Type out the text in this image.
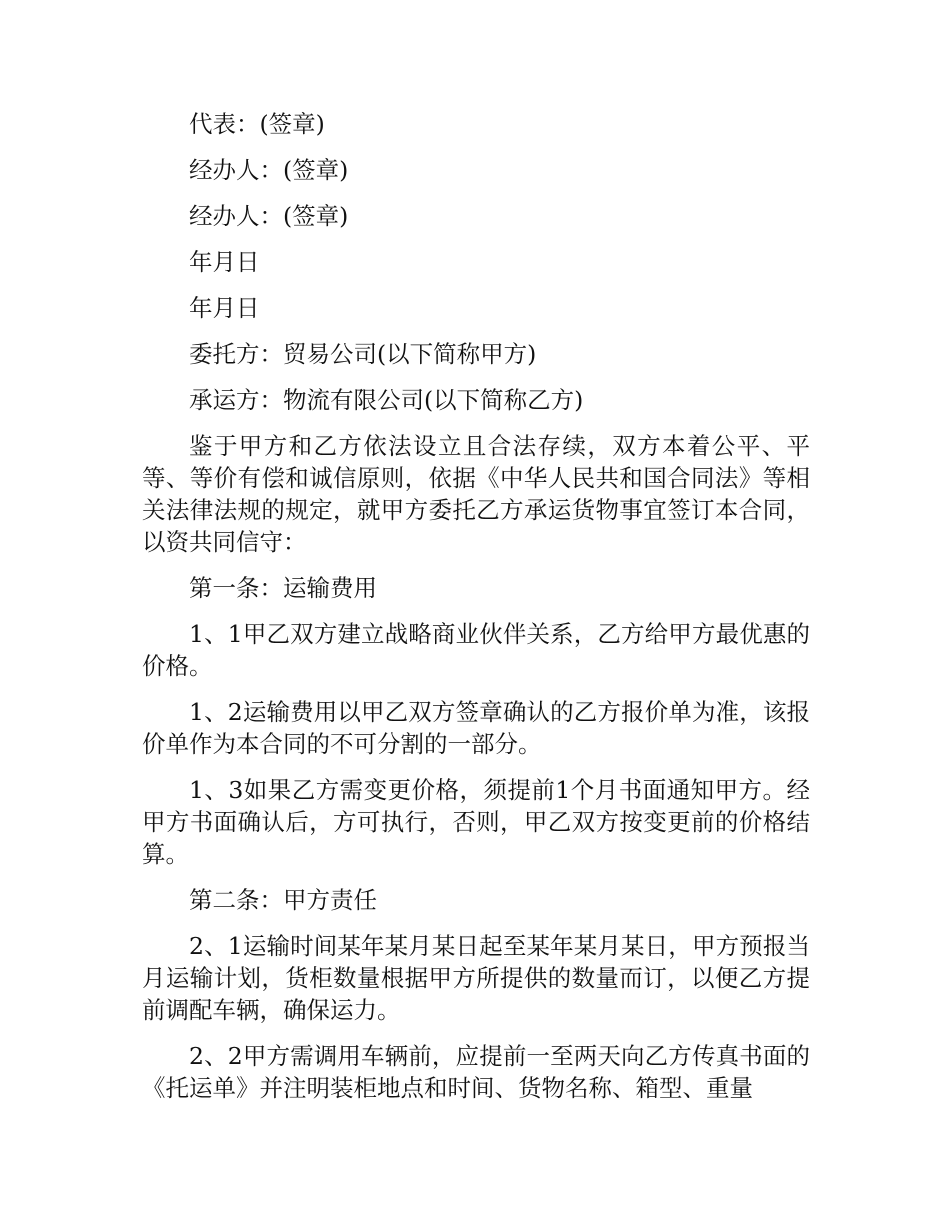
代表：(签章)

经办人：(签章)

经办人：(签章)

年月日

年月日

委托方：贸易公司(以下简称甲方)

承运方：物流有限公司(以下简称乙方)

鉴于甲方和乙方依法设立且合法存续，双方本着公平、平等、等价有偿和诚信原则，依据《中华人民共和国合同法》等相关法律法规的规定，就甲方委托乙方承运货物事宜签订本合同，以资共同信守：

第一条：运输费用

1、1甲乙双方建立战略商业伙伴关系，乙方给甲方最优惠的价格。

1、2运输费用以甲乙双方签章确认的乙方报价单为准，该报价单作为本合同的不可分割的一部分。

1、3如果乙方需变更价格，须提前1个月书面通知甲方。经甲方书面确认后，方可执行，否则，甲乙双方按变更前的价格结算。

第二条：甲方责任

2、1运输时间某年某月某日起至某年某月某日，甲方预报当月运输计划，货柜数量根据甲方所提供的数量而订，以便乙方提前调配车辆，确保运力。

2、2甲方需调用车辆前，应提前一至两天向乙方传真书面的《托运单》并注明装柜地点和时间、货物名称、箱型、重量
